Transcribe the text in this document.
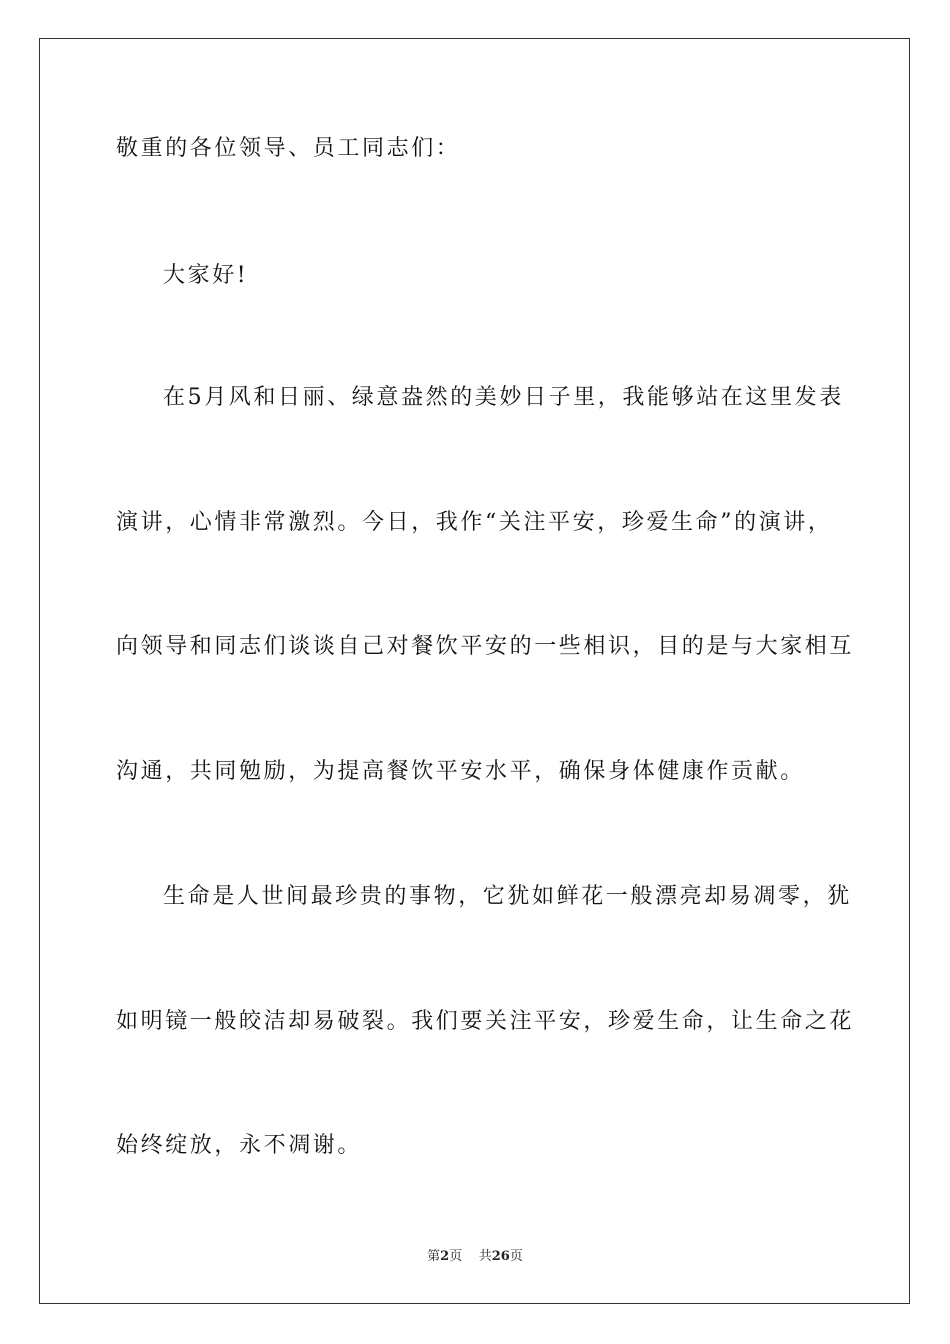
敬重的各位领导、员工同志们：
大家好!
在5月风和日丽、绿意盎然的美妙日子里，我能够站在这里发表
演讲，心情非常激烈。今日，我作“关注平安，珍爱生命”的演讲，
向领导和同志们谈谈自己对餐饮平安的一些相识，目的是与大家相互
沟通，共同勉励，为提高餐饮平安水平，确保身体健康作贡献。
生命是人世间最珍贵的事物，它犹如鲜花一般漂亮却易凋零，犹
如明镜一般皎洁却易破裂。我们要关注平安，珍爱生命，让生命之花
始终绽放，永不凋谢。
第2页 共26页
